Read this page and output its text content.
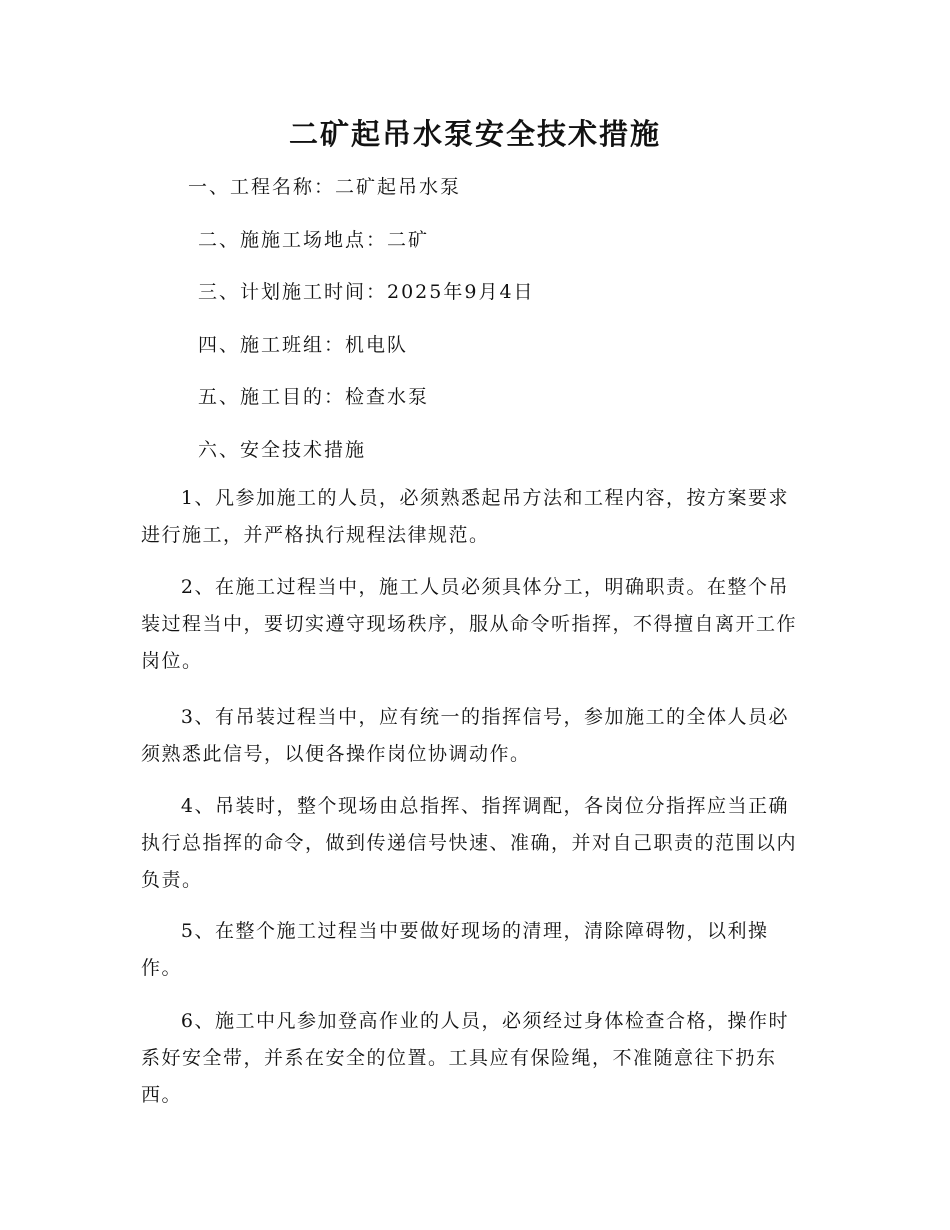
二矿起吊水泵安全技术措施
一、工程名称：二矿起吊水泵
二、施施工场地点：二矿
三、计划施工时间：2025年9月4日
四、施工班组：机电队
五、施工目的：检查水泵
六、安全技术措施
1、凡参加施工的人员，必须熟悉起吊方法和工程内容，按方案要求进行施工，并严格执行规程法律规范。
2、在施工过程当中，施工人员必须具体分工，明确职责。在整个吊装过程当中，要切实遵守现场秩序，服从命令听指挥，不得擅自离开工作岗位。
3、有吊装过程当中，应有统一的指挥信号，参加施工的全体人员必须熟悉此信号，以便各操作岗位协调动作。
4、吊装时，整个现场由总指挥、指挥调配，各岗位分指挥应当正确执行总指挥的命令，做到传递信号快速、准确，并对自己职责的范围以内负责。
5、在整个施工过程当中要做好现场的清理，清除障碍物，以利操作。
6、施工中凡参加登高作业的人员，必须经过身体检查合格，操作时系好安全带，并系在安全的位置。工具应有保险绳，不准随意往下扔东西。
